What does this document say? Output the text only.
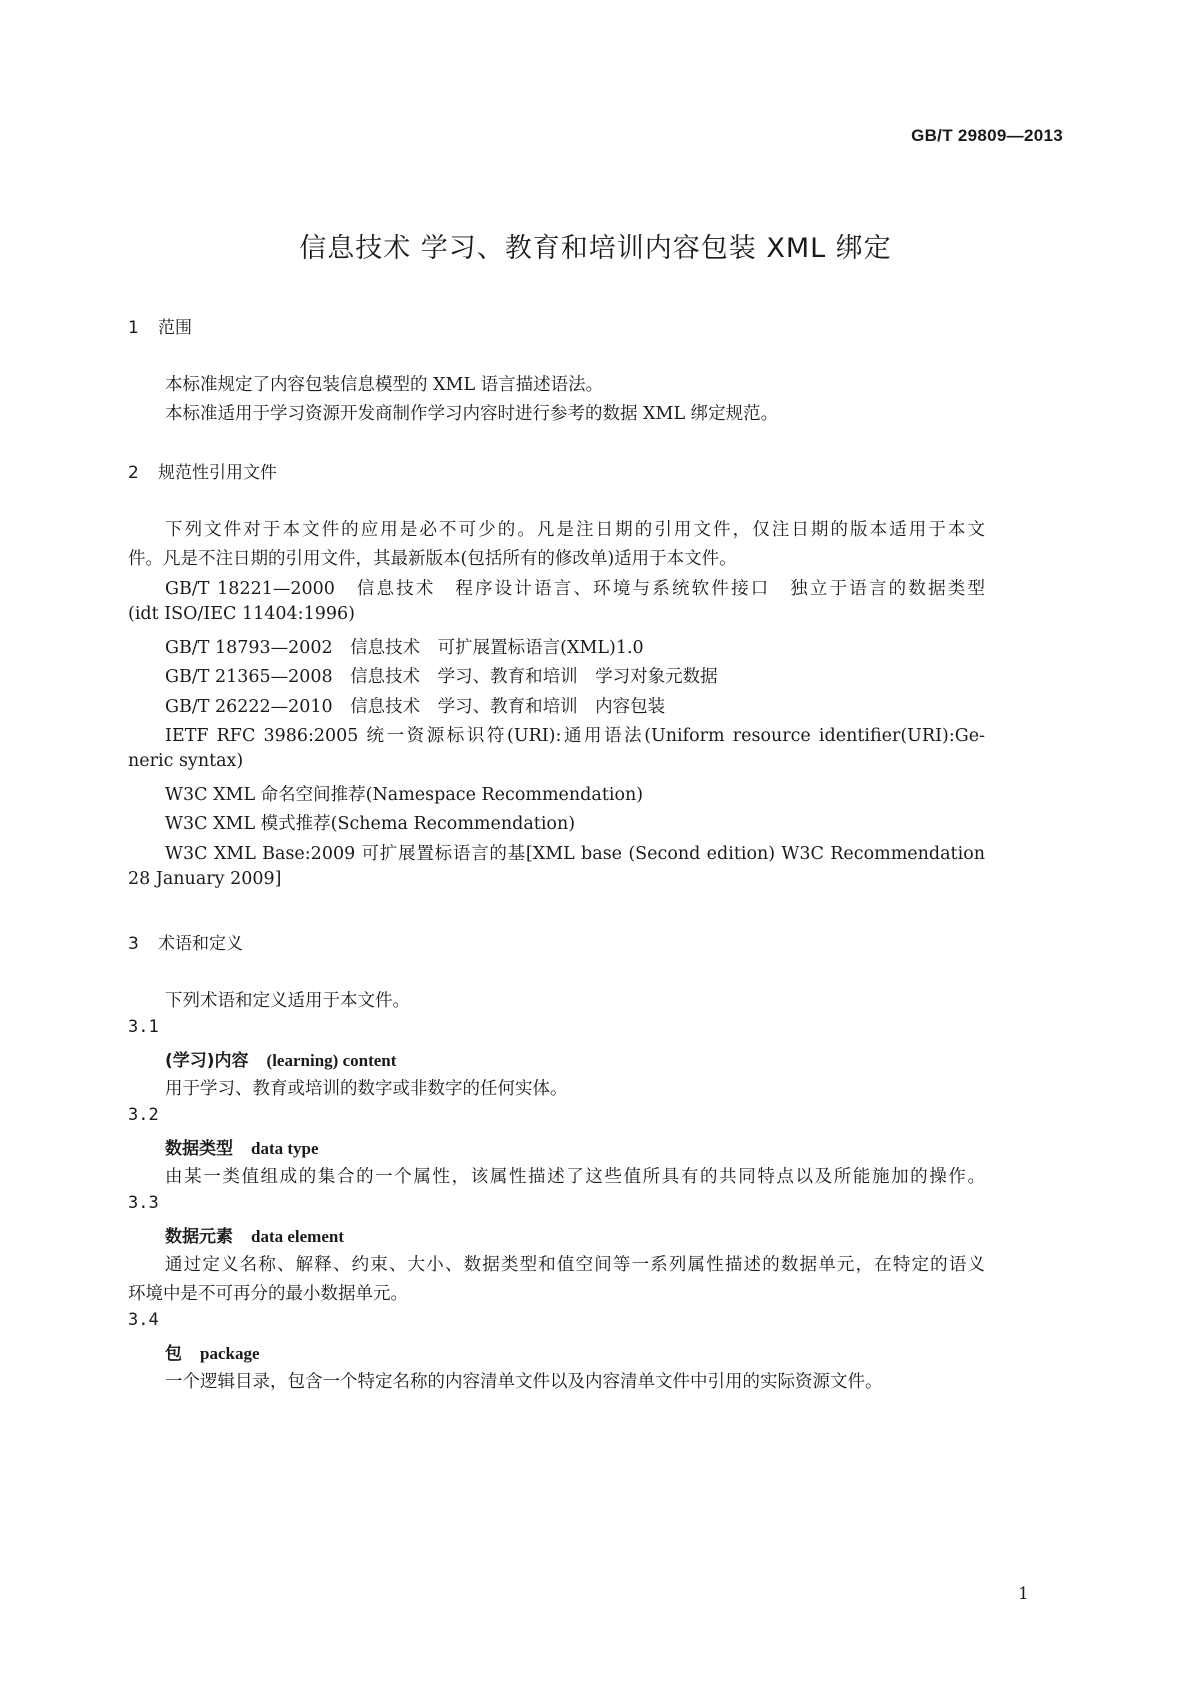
GB/T 29809—2013
信息技术 学习、教育和培训内容包装 XML 绑定
1 范围
本标准规定了内容包装信息模型的 XML 语言描述语法。
本标准适用于学习资源开发商制作学习内容时进行参考的数据 XML 绑定规范。
2 规范性引用文件
下列文件对于本文件的应用是必不可少的。凡是注日期的引用文件，仅注日期的版本适用于本文
件。凡是不注日期的引用文件，其最新版本(包括所有的修改单)适用于本文件。
GB/T 18221—2000　信息技术　程序设计语言、环境与系统软件接口　独立于语言的数据类型
(idt ISO/IEC 11404:1996)
GB/T 18793—2002　信息技术　可扩展置标语言(XML)1.0
GB/T 21365—2008　信息技术　学习、教育和培训　学习对象元数据
GB/T 26222—2010　信息技术　学习、教育和培训　内容包装
IETF RFC 3986:2005 统一资源标识符(URI):通用语法(Uniform resource identifier(URI):Ge-
neric syntax)
W3C XML 命名空间推荐(Namespace Recommendation)
W3C XML 模式推荐(Schema Recommendation)
W3C XML Base:2009 可扩展置标语言的基[XML base (Second edition) W3C Recommendation
28 January 2009]
3 术语和定义
下列术语和定义适用于本文件。
3.1
(学习)内容 (learning) content
用于学习、教育或培训的数字或非数字的任何实体。
3.2
数据类型 data type
由某一类值组成的集合的一个属性，该属性描述了这些值所具有的共同特点以及所能施加的操作。
3.3
数据元素 data element
通过定义名称、解释、约束、大小、数据类型和值空间等一系列属性描述的数据单元，在特定的语义
环境中是不可再分的最小数据单元。
3.4
包 package
一个逻辑目录，包含一个特定名称的内容清单文件以及内容清单文件中引用的实际资源文件。
1
